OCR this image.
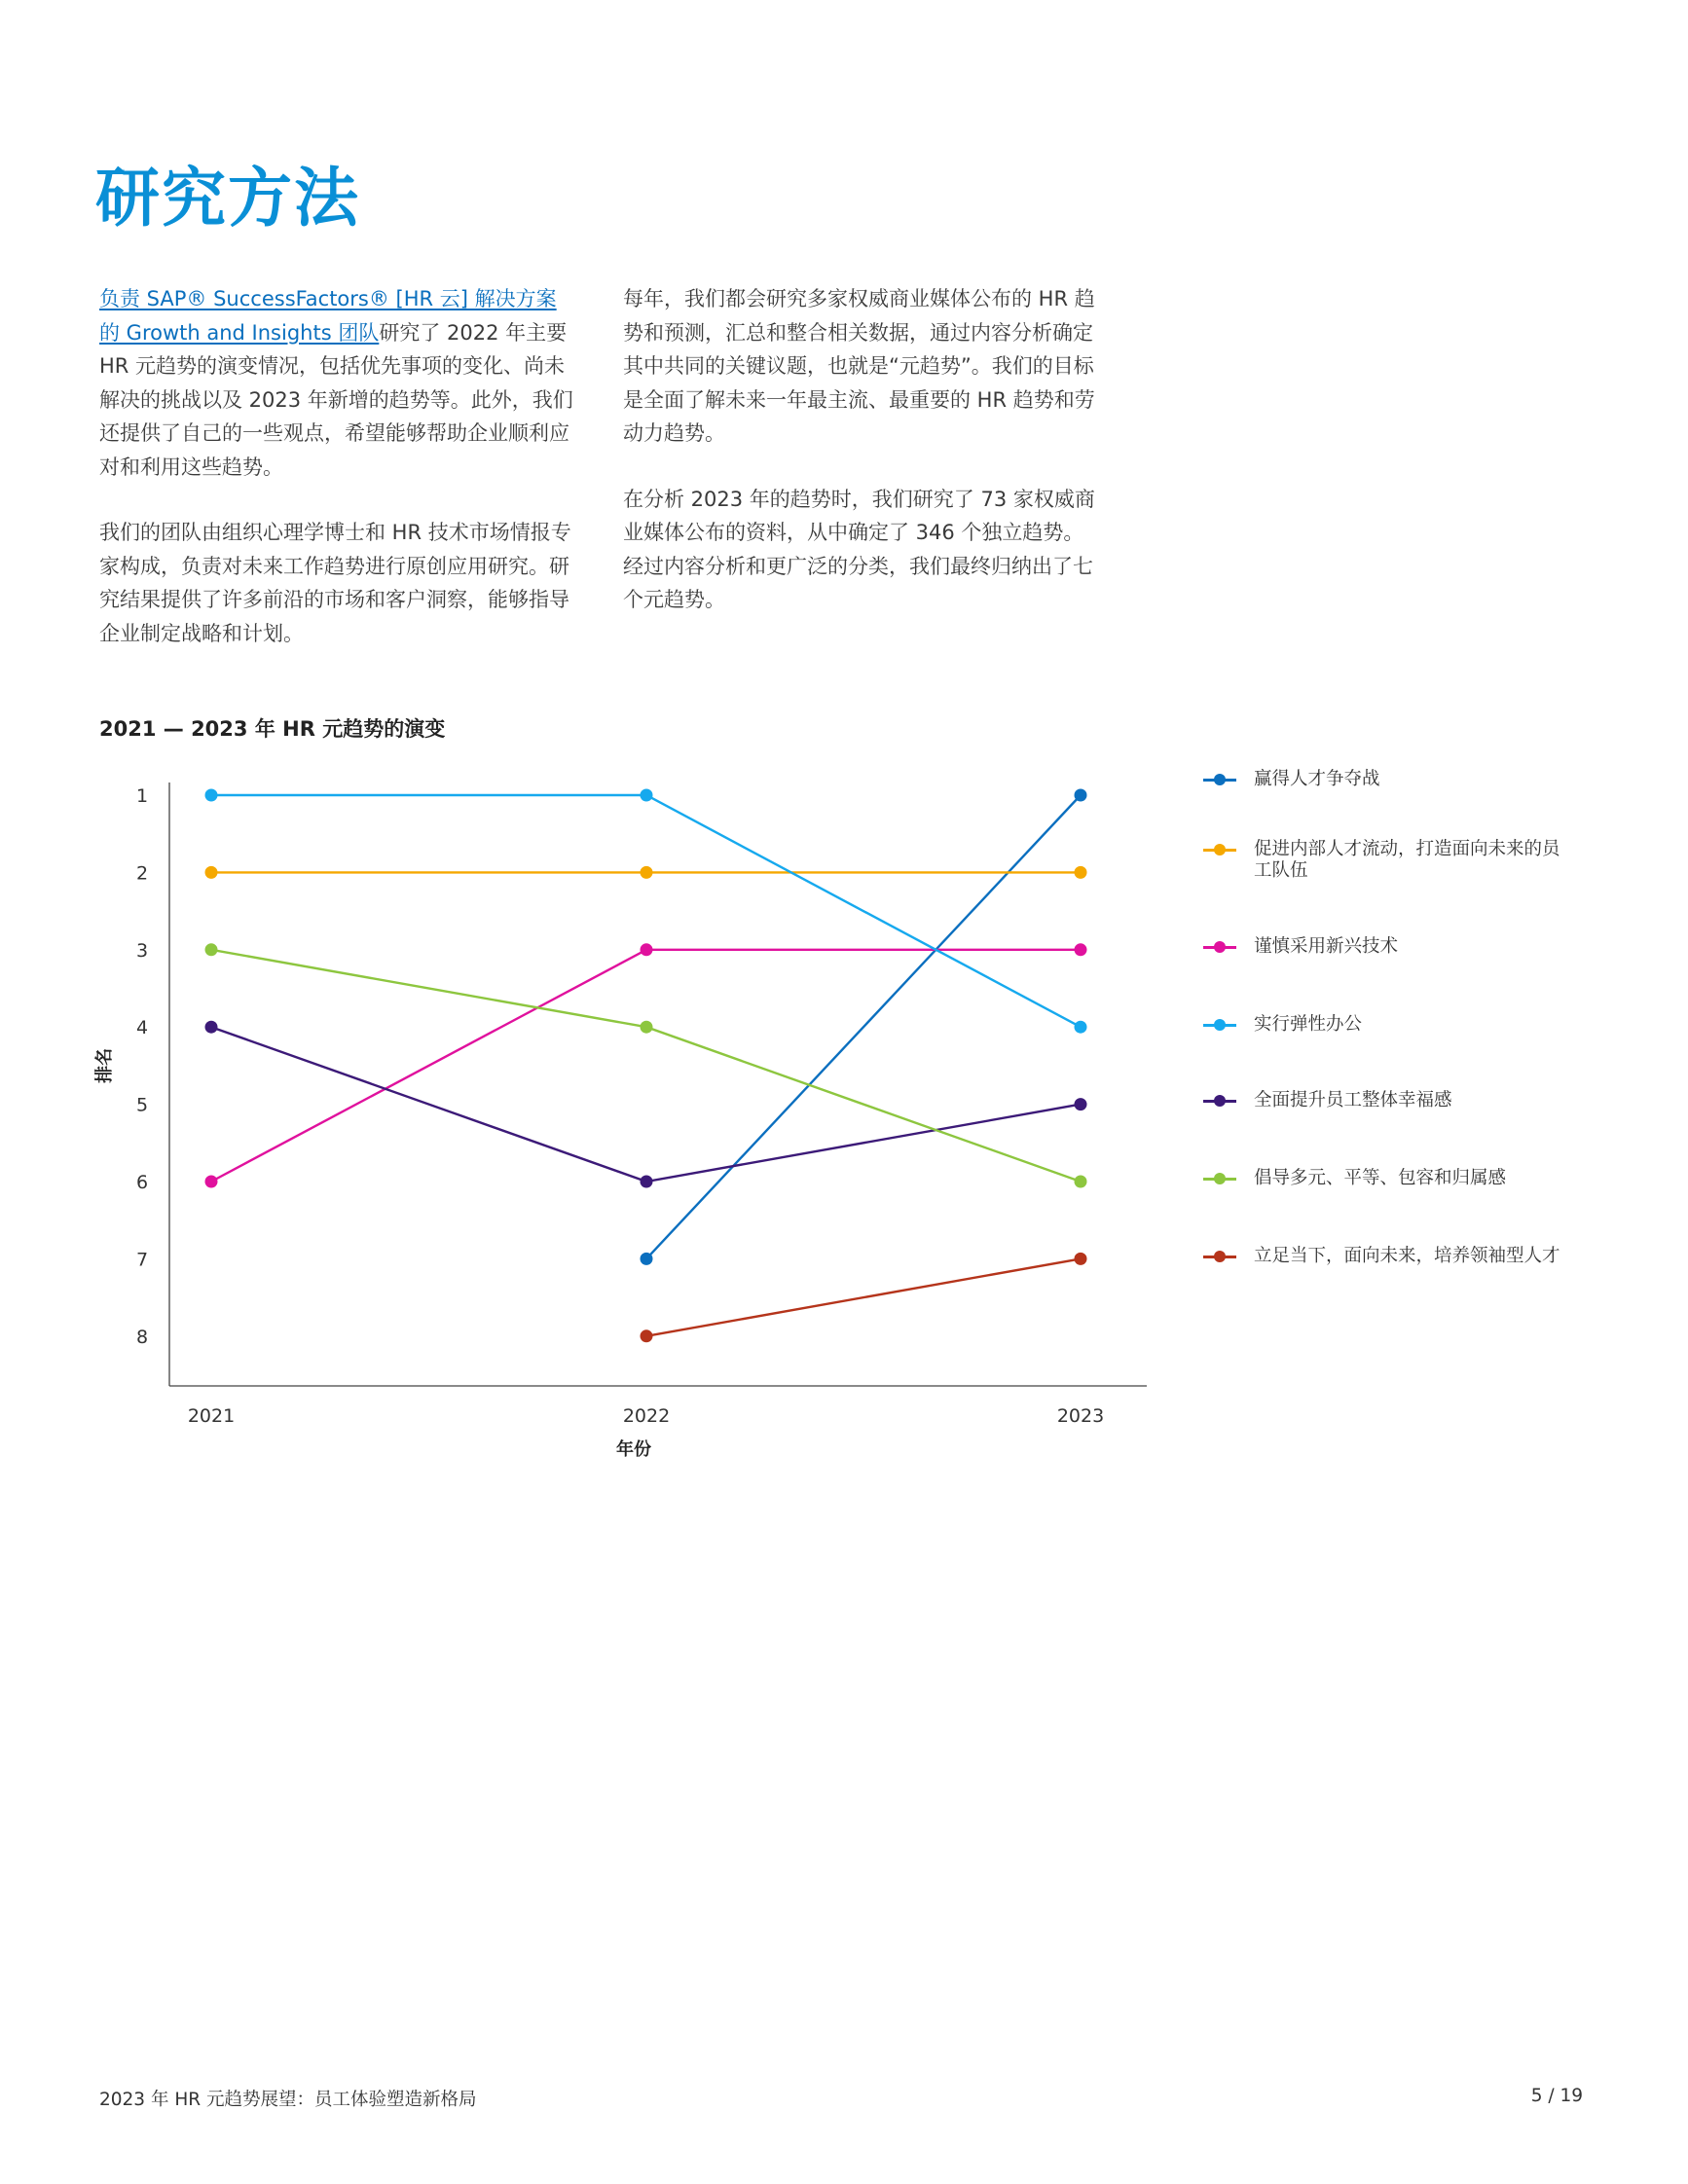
研究方法

负责 SAP® SuccessFactors® [HR 云] 解决方案的 Growth and Insights 团队研究了 2022 年主要 HR 元趋势的演变情况，包括优先事项的变化、尚未解决的挑战以及 2023 年新增的趋势等。此外，我们还提供了自己的一些观点，希望能够帮助企业顺利应对和利用这些趋势。

我们的团队由组织心理学博士和 HR 技术市场情报专家构成，负责对未来工作趋势进行原创应用研究。研究结果提供了许多前沿的市场和客户洞察，能够指导企业制定战略和计划。

每年，我们都会研究多家权威商业媒体公布的 HR 趋势和预测，汇总和整合相关数据，通过内容分析确定其中共同的关键议题，也就是“元趋势”。我们的目标是全面了解未来一年最主流、最重要的 HR 趋势和劳动力趋势。

在分析 2023 年的趋势时，我们研究了 73 家权威商业媒体公布的资料，从中确定了 346 个独立趋势。经过内容分析和更广泛的分类，我们最终归纳出了七个元趋势。

2021 — 2023 年 HR 元趋势的演变
1
2
3
4
5
6
7
8
2021	2022	2023
年份
排名
赢得人才争夺战
促进内部人才流动，打造面向未来的员工队伍
谨慎采用新兴技术
实行弹性办公
全面提升员工整体幸福感
倡导多元、平等、包容和归属感
立足当下，面向未来，培养领袖型人才
2023 年 HR 元趋势展望：员工体验塑造新格局	5 / 19
